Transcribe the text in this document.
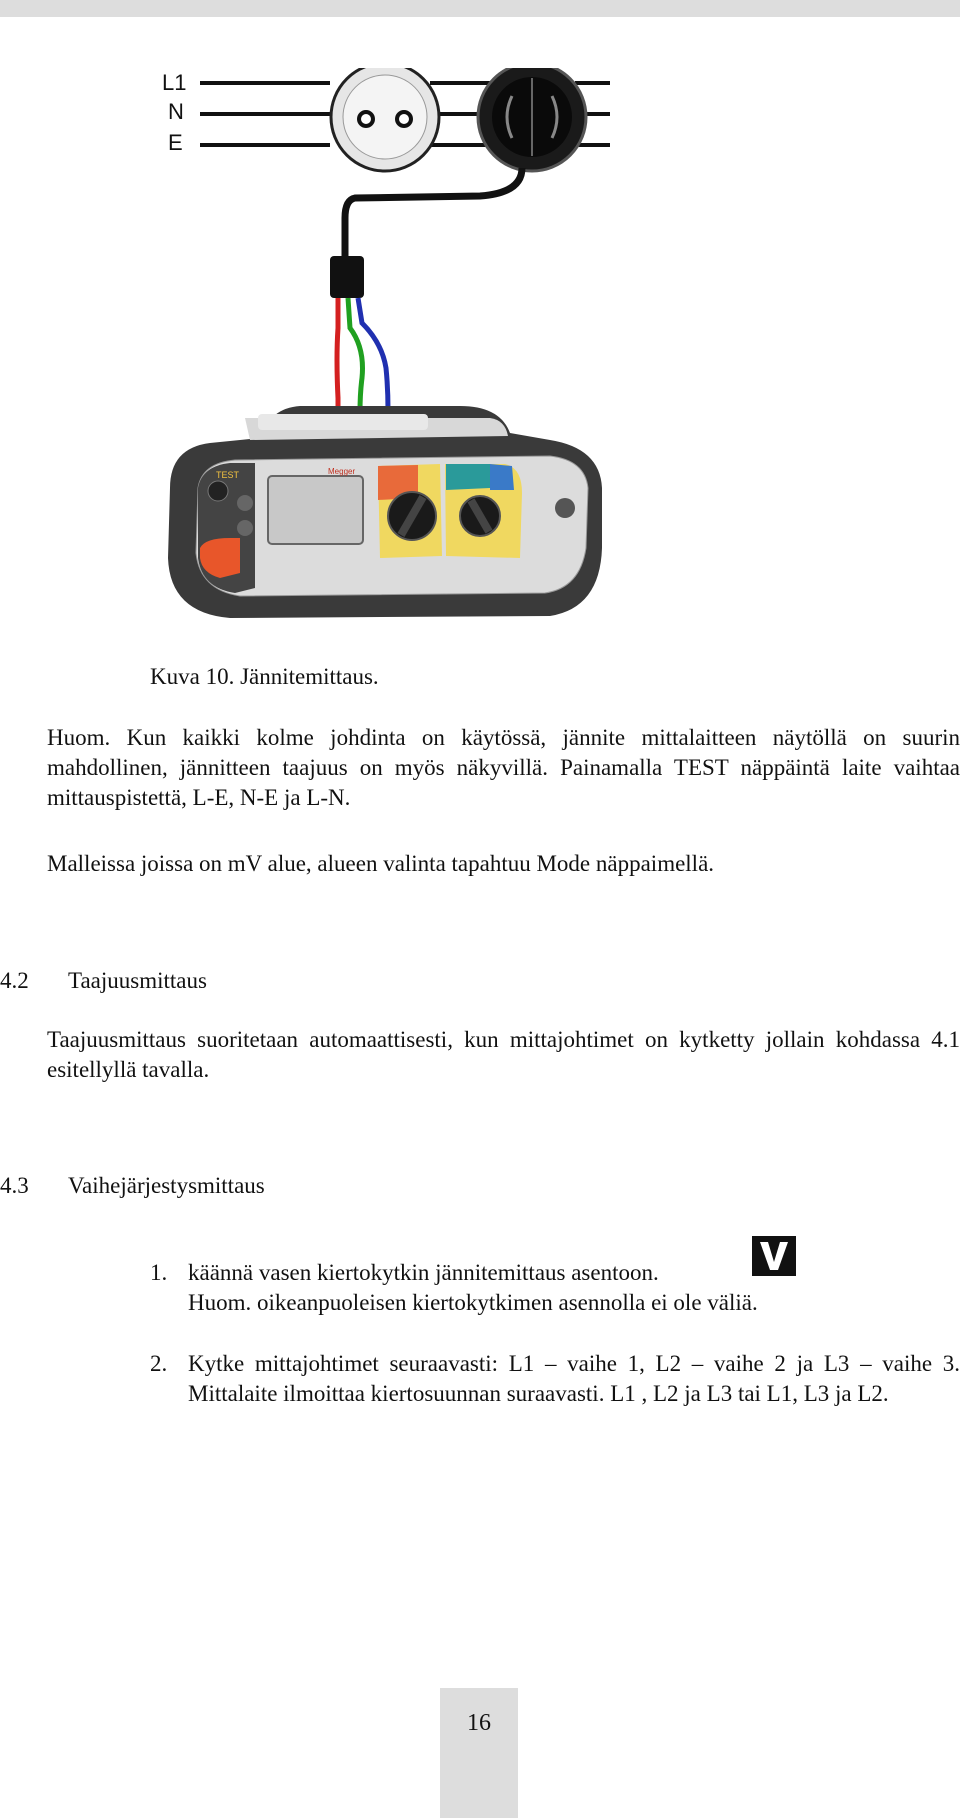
L1
N
E
TEST	Megger
Kuva 10. Jännitemittaus.
Huom. Kun kaikki kolme johdinta on käytössä, jännite mittalaitteen näytöllä on suurin mahdollinen, jännitteen taajuus on myös näkyvillä. Painamalla TEST näppäintä laite vaihtaa mittauspistettä, L-E, N-E ja L-N.
Malleissa joissa on mV alue, alueen valinta tapahtuu Mode näppaimellä.
4.2 Taajuusmittaus
Taajuusmittaus suoritetaan automaattisesti, kun mittajohtimet on kytketty jollain kohdassa 4.1 esitellyllä tavalla.
4.3 Vaihejärjestysmittaus
1. käännä vasen kiertokytkin jännitemittaus asentoon.
Huom. oikeanpuoleisen kiertokytkimen asennolla ei ole väliä.
2. Kytke mittajohtimet seuraavasti: L1 – vaihe 1, L2 – vaihe 2 ja L3 – vaihe 3. Mittalaite ilmoittaa kiertosuunnan suraavasti. L1 , L2 ja L3 tai L1, L3 ja L2.
16
